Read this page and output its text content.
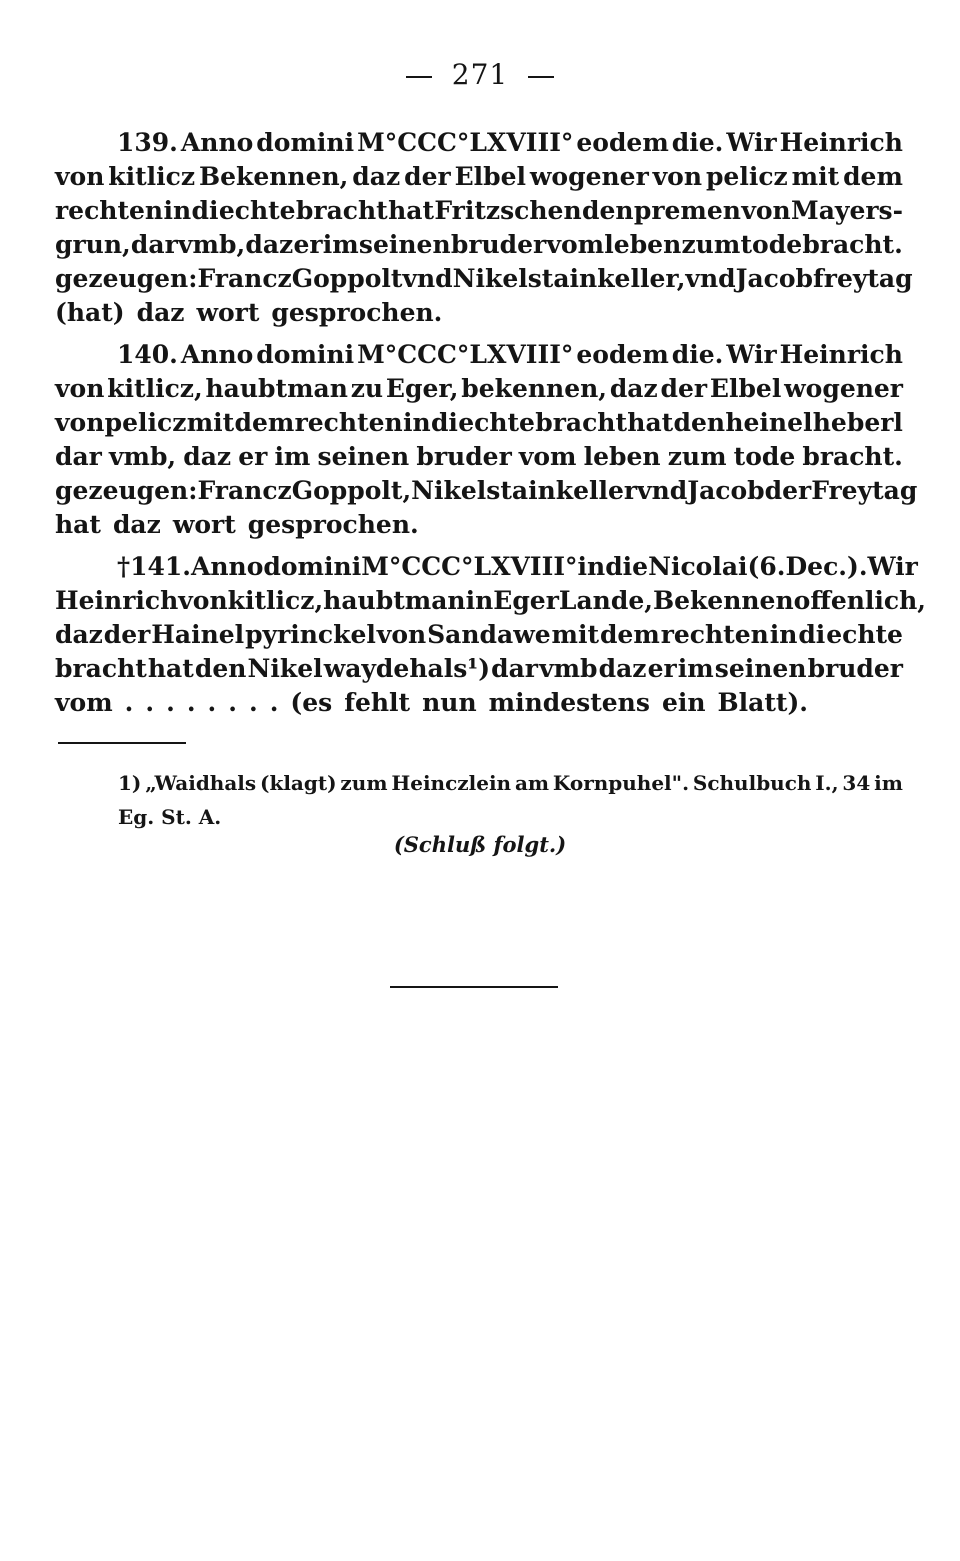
271
139. Anno domini M°CCC°LXVIII° eodem die. Wir Heinrich
von kitlicz Bekennen, daz der Elbel wogener von pelicz mit dem
rechten in di echte bracht hat Fritzschen den premen von Mayers-
grun, dar vmb, daz er im seinen bruder vom leben zum tode bracht.
gezeugen: Francz Goppolt vnd Nikel stainkeller, vnd Jacob freytag
(hat) daz wort gesprochen.
140. Anno domini M°CCC°LXVIII° eodem die. Wir Heinrich
von kitlicz, haubtman zu Eger, bekennen, daz der Elbel wogener
von pelicz mit dem rechten in di echte bracht hat den heinel heberl
dar vmb, daz er im seinen bruder vom leben zum tode bracht.
gezeugen: Francz Goppolt, Nikel stainkeller vnd Jacob der Freytag
hat daz wort gesprochen.
† 141. Anno domini M°CCC°LXVIII° in die Nicolai (6. Dec.). Wir
Heinrich von kitlicz, haubtman in Eger Lande, Bekennen offenlich,
daz der Hainel pyrinckel von Sandawe mit dem rechten in di echte
bracht hat den Nikel waydehals¹) dar vmb daz er im seinen bruder
vom . . . . . . . . (es fehlt nun mindestens ein Blatt).
1) „Waidhals (klagt) zum Heinczlein am Kornpuhel". Schulbuch I., 34 im
Eg. St. A.
(Schluß folgt.)
